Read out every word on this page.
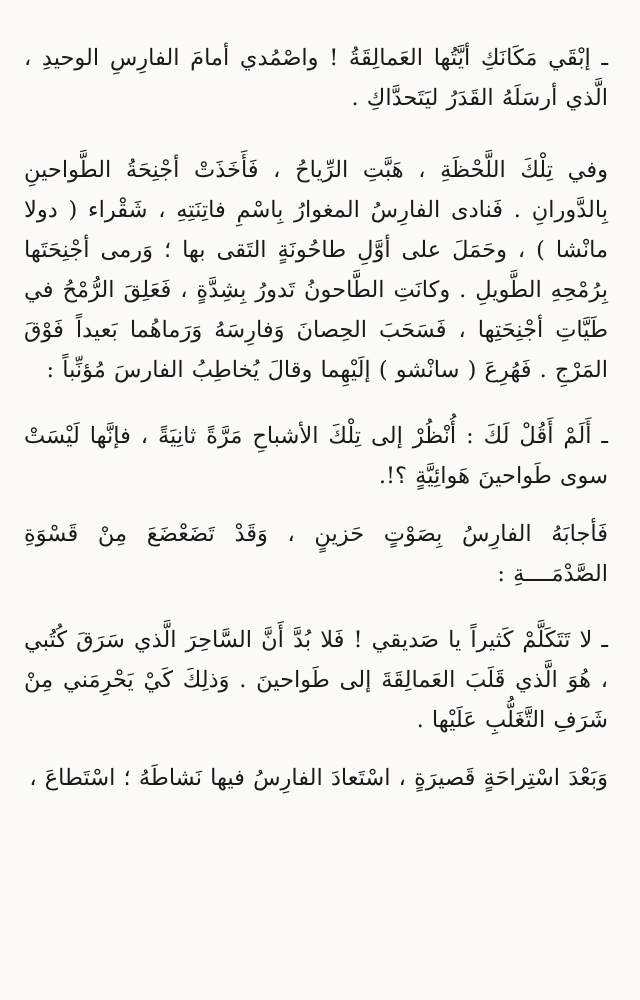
ـ إبْقَي مَكَانَكِ أيَّتُها العَمالِقَةُ ! واصْمُدي أمامَ الفارِسِ الوحيدِ ، الَّذي أرسَلَهُ القَدَرُ ليَتَحدَّاكِ .

وفي تِلْكَ اللَّحْظَةِ ، هَبَّتِ الرِّياحُ ، فَأَخَذَتْ أجْنِحَةُ الطَّواحينِ بِالدَّورانِ . فَنادى الفارِسُ المغوارُ بِاسْمِ فاتِنَتِهِ ، شَقْراء ( دولا مانْشا ) ، وحَمَلَ على أوَّلِ طاحُونَةٍ التَقى بها ؛ وَرمى أجْنِحَتَها بِرُمْحِهِ الطَّويلِ . وكانَتِ الطَّاحونُ تَدورُ بِشِدَّةٍ ، فَعَلِقَ الرُّمْحُ في طَيَّاتِ أجْنِحَتِها ، فَسَحَبَ الحِصانَ وَفارِسَهُ وَرَماهُما بَعيداً فَوْقَ المَرْجِ . فَهُرِعَ ( سانْشو ) إلَيْهِما وقالَ يُخاطِبُ الفارسَ مُؤنِّباً :

ـ أَلَمْ أَقُلْ لَكَ : أُنْظُرْ إلى تِلْكَ الأشباحِ مَرَّةً ثانِيَةً ، فإنَّها لَيْسَتْ سوى طَواحينَ هَوائِيَّةٍ ؟!.

فَأجابَهُ الفارِسُ بِصَوْتٍ حَزينٍ ، وَقَدْ تَضَعْضَعَ مِنْ قَسْوَةِ الصَّدْمَــــةِ :

ـ لا تَتَكَلَّمْ كَثيراً يا صَديقي ! فَلا بُدَّ أَنَّ السَّاحِرَ الَّذي سَرَقَ كُتُبي ، هُوَ الَّذي قَلَبَ العَمالِقَةَ إلى طَواحينَ . وَذلِكَ كَيْ يَحْرِمَني مِنْ شَرَفِ التَّغَلُّبِ عَلَيْها .

وَبَعْدَ اسْتِراحَةٍ قَصيرَةٍ ، اسْتَعادَ الفارِسُ فيها نَشاطَهُ ؛ اسْتَطاعَ ،
